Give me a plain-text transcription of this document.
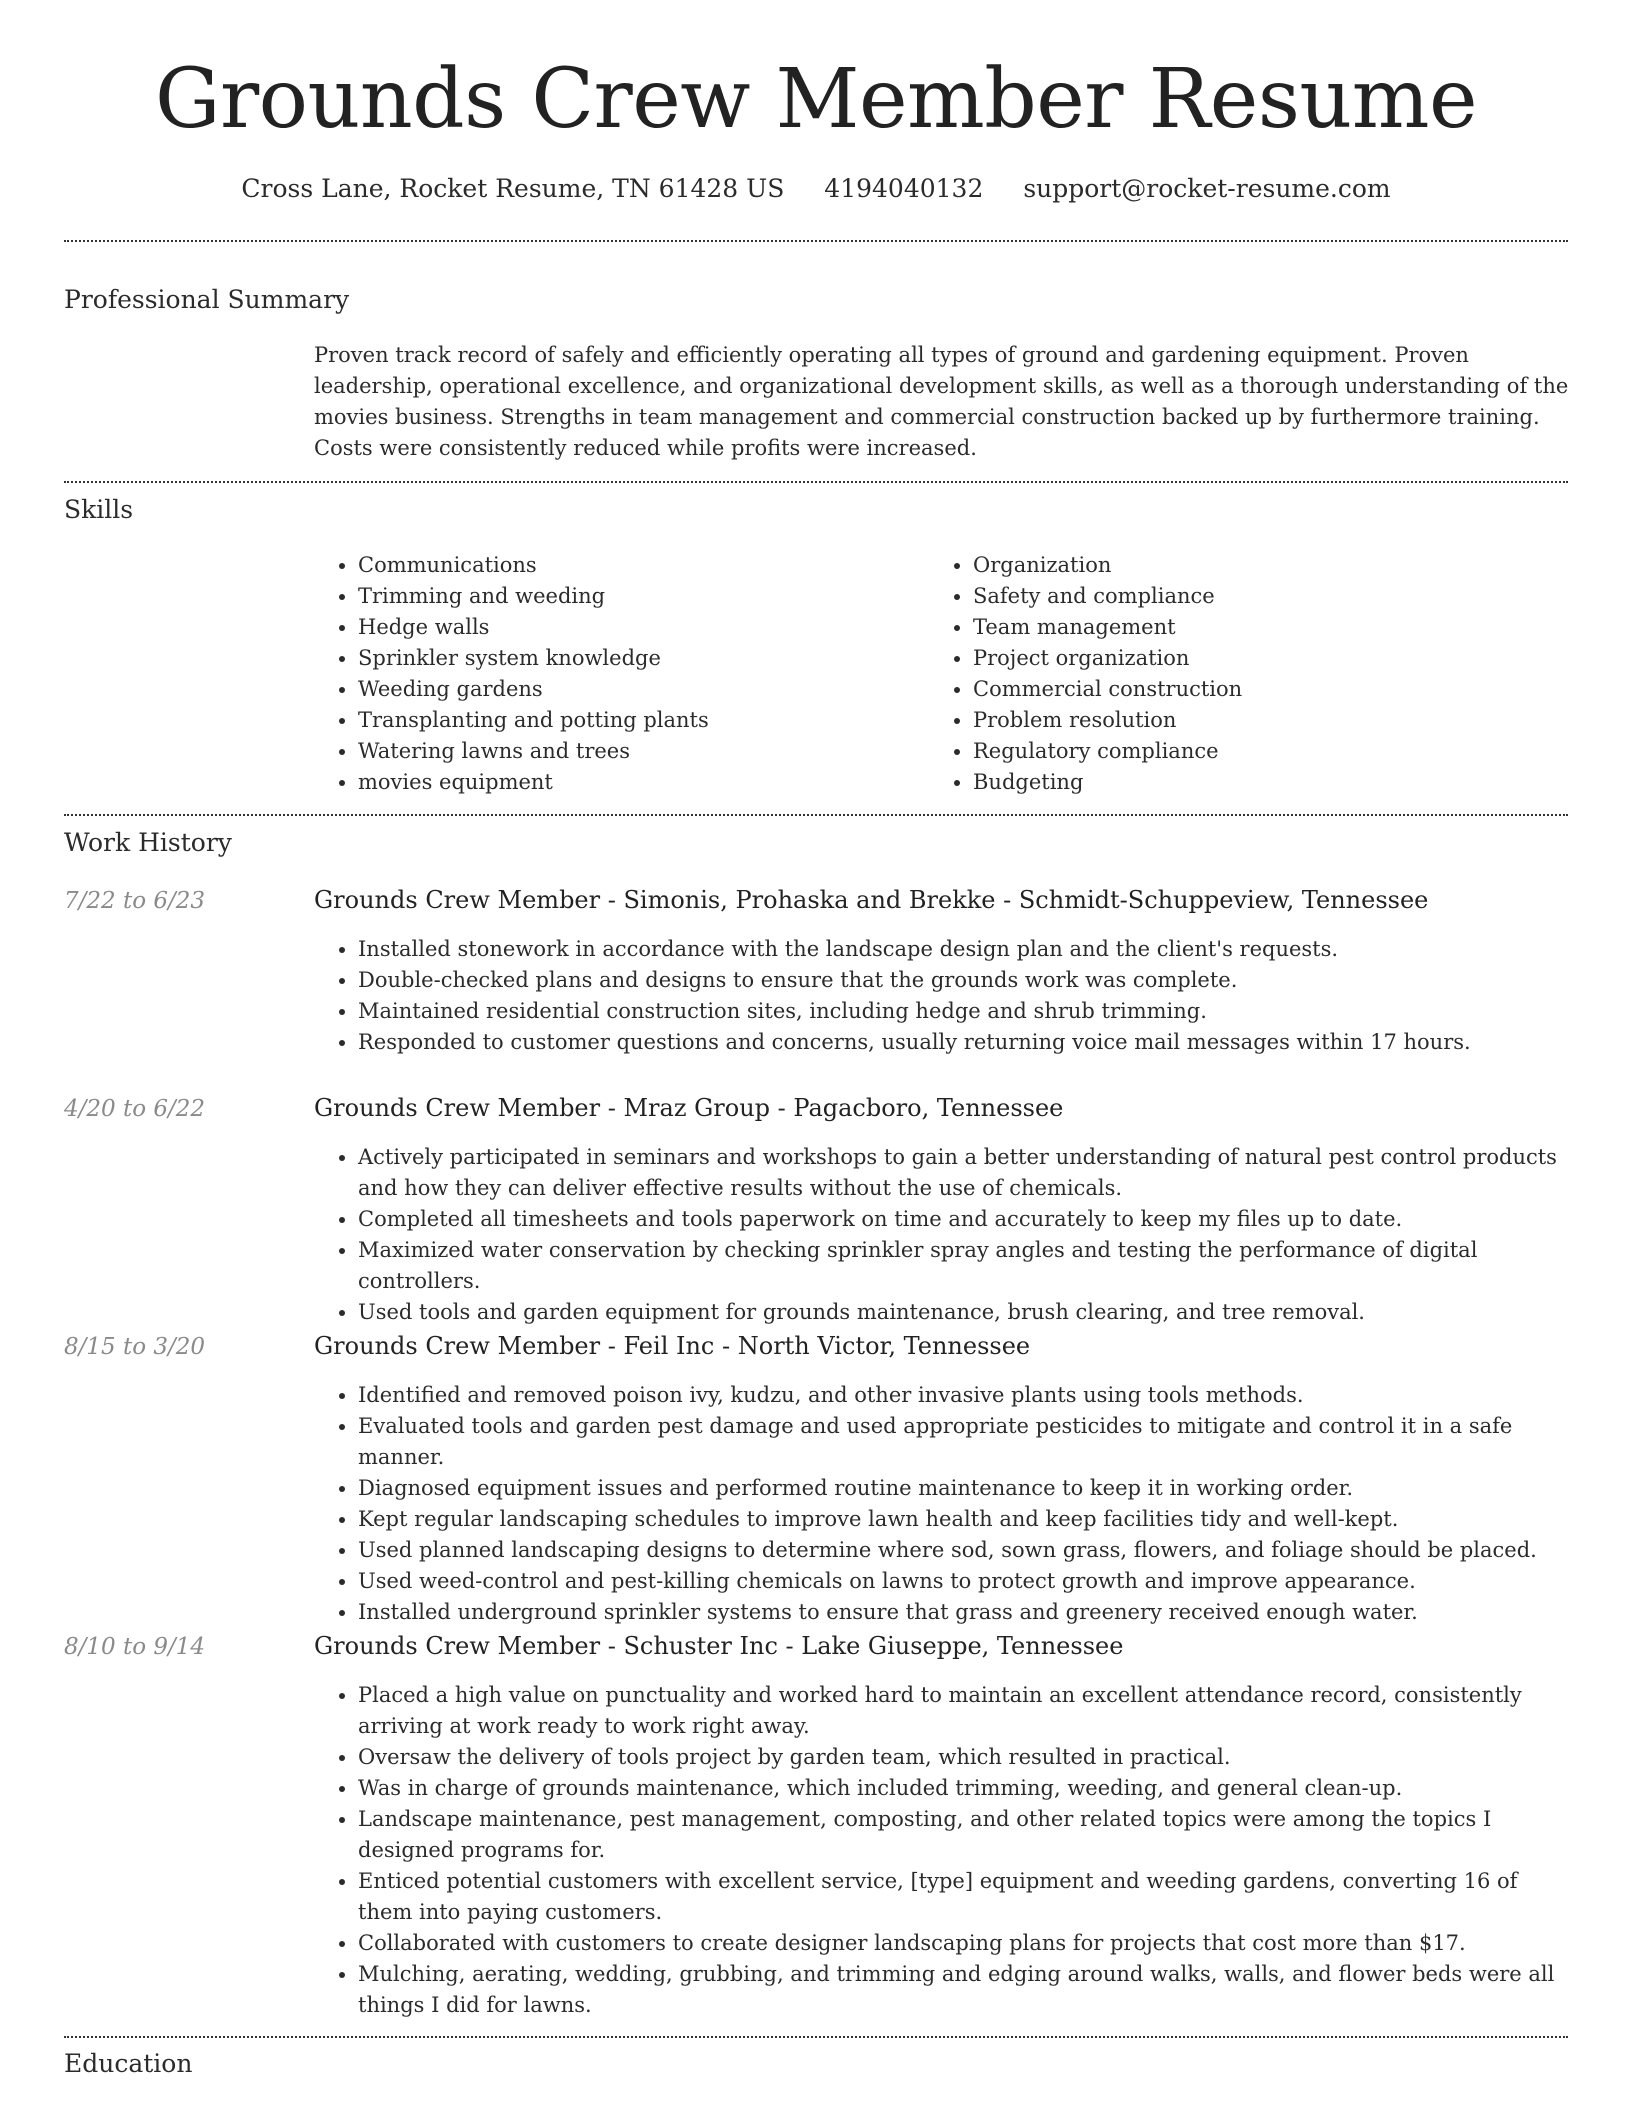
Grounds Crew Member Resume
Cross Lane, Rocket Resume, TN 61428 US 4194040132 support@rocket-resume.com
Professional Summary

Proven track record of safely and efficiently operating all types of ground and gardening equipment. Proven leadership, operational excellence, and organizational development skills, as well as a thorough understanding of the movies business. Strengths in team management and commercial construction backed up by furthermore training. Costs were consistently reduced while profits were increased.

Skills
• Communications
• Trimming and weeding
• Hedge walls
• Sprinkler system knowledge
• Weeding gardens
• Transplanting and potting plants
• Watering lawns and trees
• movies equipment
• Organization
• Safety and compliance
• Team management
• Project organization
• Commercial construction
• Problem resolution
• Regulatory compliance
• Budgeting
Work History
7/22 to 6/23	Grounds Crew Member - Simonis, Prohaska and Brekke - Schmidt-Schuppeview, Tennessee
• Installed stonework in accordance with the landscape design plan and the client's requests.
• Double-checked plans and designs to ensure that the grounds work was complete.
• Maintained residential construction sites, including hedge and shrub trimming.
• Responded to customer questions and concerns, usually returning voice mail messages within 17 hours.
4/20 to 6/22	Grounds Crew Member - Mraz Group - Pagacboro, Tennessee
• Actively participated in seminars and workshops to gain a better understanding of natural pest control products and how they can deliver effective results without the use of chemicals.
• Completed all timesheets and tools paperwork on time and accurately to keep my files up to date.
• Maximized water conservation by checking sprinkler spray angles and testing the performance of digital controllers.
• Used tools and garden equipment for grounds maintenance, brush clearing, and tree removal.
8/15 to 3/20	Grounds Crew Member - Feil Inc - North Victor, Tennessee
• Identified and removed poison ivy, kudzu, and other invasive plants using tools methods.
• Evaluated tools and garden pest damage and used appropriate pesticides to mitigate and control it in a safe manner.
• Diagnosed equipment issues and performed routine maintenance to keep it in working order.
• Kept regular landscaping schedules to improve lawn health and keep facilities tidy and well-kept.
• Used planned landscaping designs to determine where sod, sown grass, flowers, and foliage should be placed.
• Used weed-control and pest-killing chemicals on lawns to protect growth and improve appearance.
• Installed underground sprinkler systems to ensure that grass and greenery received enough water.
8/10 to 9/14	Grounds Crew Member - Schuster Inc - Lake Giuseppe, Tennessee
• Placed a high value on punctuality and worked hard to maintain an excellent attendance record, consistently arriving at work ready to work right away.
• Oversaw the delivery of tools project by garden team, which resulted in practical.
• Was in charge of grounds maintenance, which included trimming, weeding, and general clean-up.
• Landscape maintenance, pest management, composting, and other related topics were among the topics I designed programs for.
• Enticed potential customers with excellent service, [type] equipment and weeding gardens, converting 16 of them into paying customers.
• Collaborated with customers to create designer landscaping plans for projects that cost more than $17.
• Mulching, aerating, wedding, grubbing, and trimming and edging around walks, walls, and flower beds were all things I did for lawns.
Education
